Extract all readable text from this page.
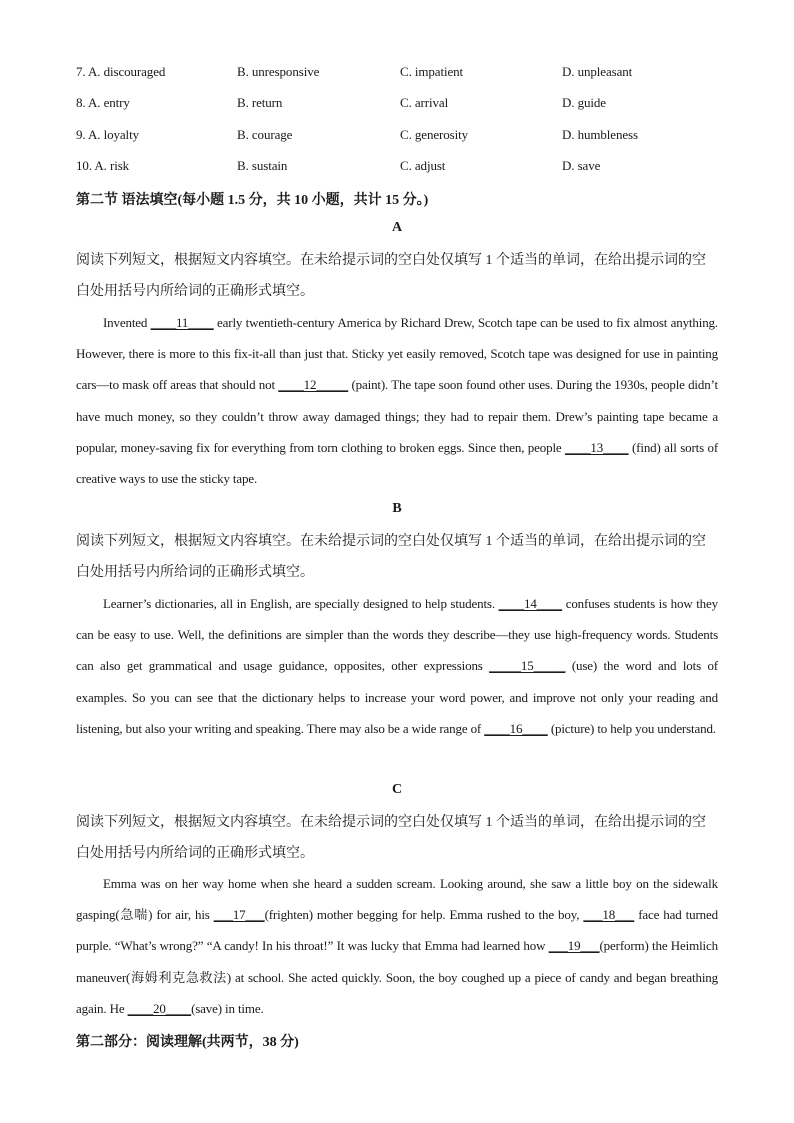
7. A. discouraged	B. unresponsive	C. impatient	D. unpleasant
8. A. entry	B. return	C. arrival	D. guide
9. A. loyalty	B. courage	C. generosity	D. humbleness
10. A. risk	B. sustain	C. adjust	D. save
第二节 语法填空(每小题 1.5 分，共 10 小题，共计 15 分。)
A
阅读下列短文，根据短文内容填空。在未给提示词的空白处仅填写 1 个适当的单词，在给出提示词的空白处用括号内所给词的正确形式填空。
Invented ____11____ early twentieth-century America by Richard Drew, Scotch tape can be used to fix almost anything. However, there is more to this fix-it-all than just that. Sticky yet easily removed, Scotch tape was designed for use in painting cars—to mask off areas that should not ____12_____ (paint). The tape soon found other uses. During the 1930s, people didn’t have much money, so they couldn’t throw away damaged things; they had to repair them. Drew’s painting tape became a popular, money-saving fix for everything from torn clothing to broken eggs. Since then, people ____13____ (find) all sorts of creative ways to use the sticky tape.
B
阅读下列短文，根据短文内容填空。在未给提示词的空白处仅填写 1 个适当的单词，在给出提示词的空白处用括号内所给词的正确形式填空。
Learner’s dictionaries, all in English, are specially designed to help students. ____14____ confuses students is how they can be easy to use. Well, the definitions are simpler than the words they describe—they use high-frequency words. Students can also get grammatical and usage guidance, opposites, other expressions _____15_____ (use) the word and lots of examples. So you can see that the dictionary helps to increase your word power, and improve not only your reading and listening, but also your writing and speaking. There may also be a wide range of ____16____ (picture) to help you understand.
C
阅读下列短文，根据短文内容填空。在未给提示词的空白处仅填写 1 个适当的单词，在给出提示词的空白处用括号内所给词的正确形式填空。
Emma was on her way home when she heard a sudden scream. Looking around, she saw a little boy on the sidewalk gasping(急喘) for air, his ___17___(frighten) mother begging for help. Emma rushed to the boy, ___18___ face had turned purple. “What’s wrong?” “A candy! In his throat!” It was lucky that Emma had learned how ___19___(perform) the Heimlich maneuver(海姆利克急救法) at school. She acted quickly. Soon, the boy coughed up a piece of candy and began breathing again. He ____20____(save) in time.
第二部分：阅读理解(共两节，38 分)
